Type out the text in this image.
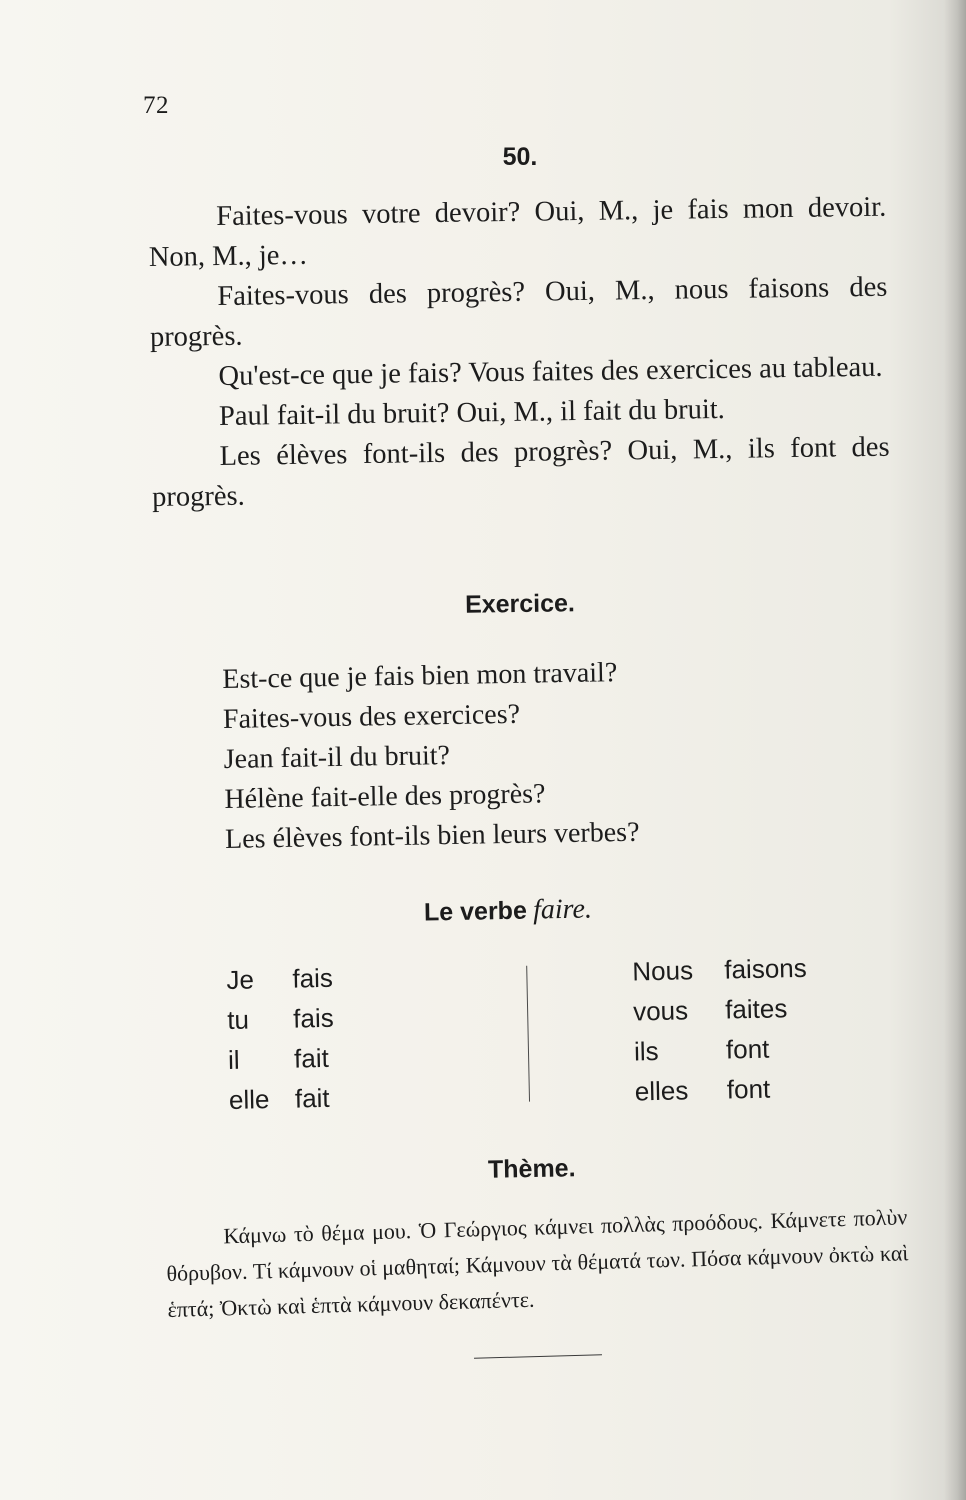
72
50.

Faites-vous votre devoir? Oui, M., je fais mon devoir. Non, M., je…

Faites-vous des progrès? Oui, M., nous faisons des progrès.

Qu'est-ce que je fais? Vous faites des exercices au tableau.

Paul fait-il du bruit? Oui, M., il fait du bruit.

Les élèves font-ils des progrès? Oui, M., ils font des progrès.

Exercice.
Est-ce que je fais bien mon travail?
Faites-vous des exercices?
Jean fait-il du bruit?
Hélène fait-elle des progrès?
Les élèves font-ils bien leurs verbes?
Le verbe faire.
Je fais
tu fais
il fait
elle fait
Nous faisons
vous faites
ils	font
elles font
Thème.

Κάμνω τὸ θέμα μου. Ὁ Γεώργιος κάμνει πολλὰς προόδους. Κάμνετε πολὺν θόρυβον. Τί κάμνουν οἱ μαθηταί; Κάμνουν τὰ θέματά των. Πόσα κάμνουν ὀκτὼ καὶ ἑπτά; Ὀκτὼ καὶ ἑπτὰ κάμνουν δεκαπέντε.
